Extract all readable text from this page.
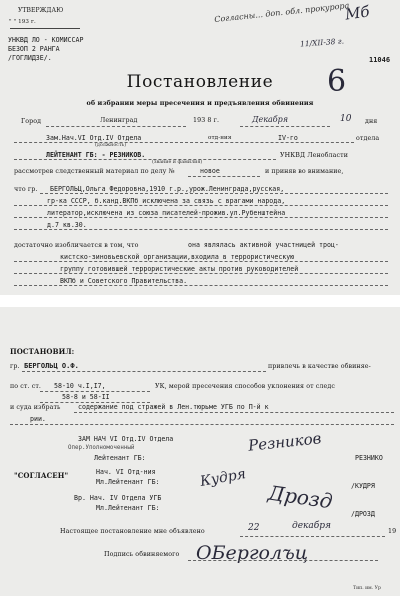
УТВЕРЖДАЮ
" " 193 г.
УНКВД ЛО - КОМИССАР
БЕЗОП 2 РАНГА
/ГОГЛИДЗЕ/.
Согласны... доп. обл. прокурора
11/XII-38 г.
Мб
11046
Постановление
об избрании меры пресечения и предъявления обвинения
6
Город	Ленинград	193 8 г.	Декабря	10 дня
Зам.Нач.VI Отд.IV Отдела	отд-ния	IV-го	отдела
(должность)
ЛЕЙТЕНАНТ ГБ: - РЕЗНИКОВ.	УНКВД Ленобласти
(звание и фамилия)
рассмотрев следственный материал по делу №	новое	и приняв во внимание,
что гр. БЕРГОЛЬЦ,Ольга Федоровна,1910 г.р.,урож.Ленинграда,русская,
гр-ка СССР, б.канд.ВКПб исключена за связь с врагами народа,
литератор,исключена из союза писателей-прожив.ул.Рубенштейна
д.7 кв.30.
достаточно изобличается в том, что	она являлась активной участницей троц-
кистско-зиновьевской организации,входила в террористическую
группу готовившей террористические акты против руководителей
ВКПб и Советского Правительства.
ПОСТАНОВИЛ:
гр. БЕРГОЛЬЦ О.Ф.	привлечь в качестве обвиняе-
по ст. ст. 58-10 ч.I,I7,	УК, мерой пресечения способов уклонения от следс
58-8 и 58-II
и суда избрать	содержание под стражей в Лен.тюрьме УГБ по П-й к
рии.
ЗАМ НАЧ VI Отд.IV Отдела
Опер.Уполномоченный
Лейтенант ГБ:	РЕЗНИКО
Резников
"СОГЛАСЕН"	Нач. VI Отд-ния
Мл.Лейтенант ГБ:	/КУДРЯ
Кудря
Вр. Нач. IV Отдела УГБ
Мл.Лейтенант ГБ:
/ДРОЗД
Дрозд
Настоящее постановление мне объявлено	22	декабря
19
Подпись обвиняемого ОБерголъц
Тип. им. Ур
